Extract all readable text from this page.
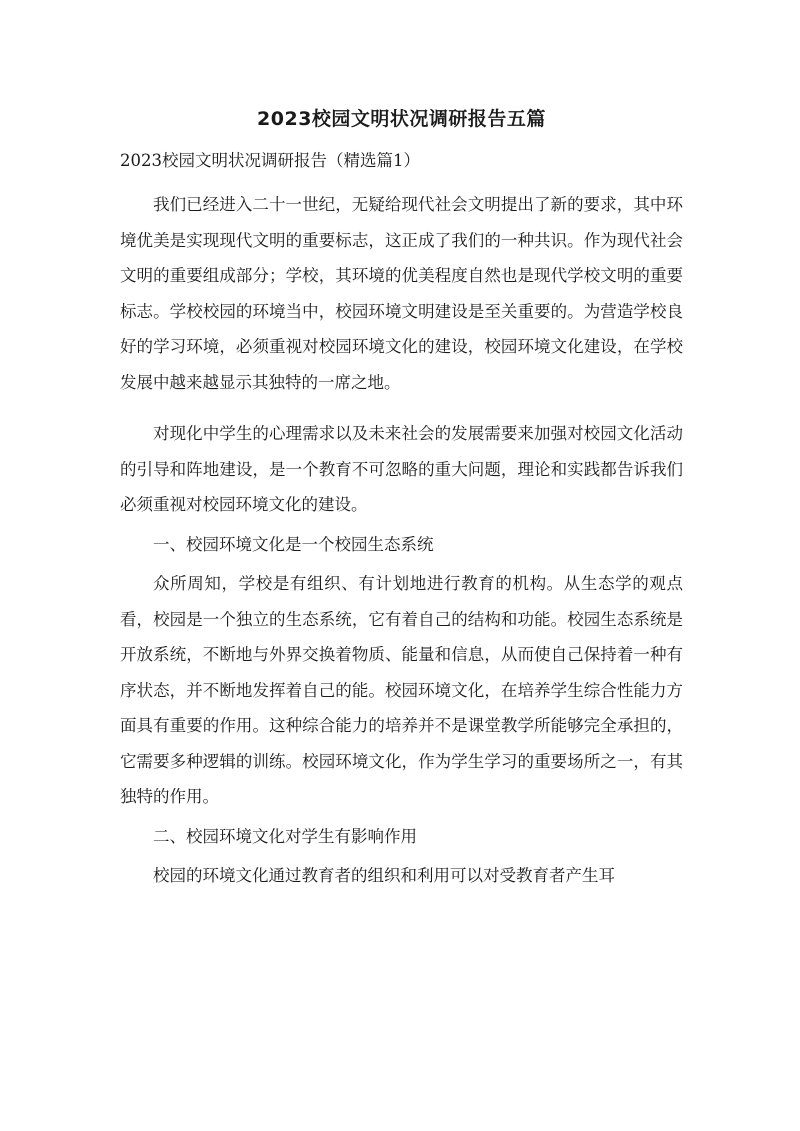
2023校园文明状况调研报告五篇

2023校园文明状况调研报告（精选篇1）

我们已经进入二十一世纪，无疑给现代社会文明提出了新的要求，其中环境优美是实现现代文明的重要标志，这正成了我们的一种共识。作为现代社会文明的重要组成部分；学校，其环境的优美程度自然也是现代学校文明的重要标志。学校校园的环境当中，校园环境文明建设是至关重要的。为营造学校良好的学习环境，必须重视对校园环境文化的建设，校园环境文化建设，在学校发展中越来越显示其独特的一席之地。

对现化中学生的心理需求以及未来社会的发展需要来加强对校园文化活动的引导和阵地建设，是一个教育不可忽略的重大问题，理论和实践都告诉我们必须重视对校园环境文化的建设。

一、校园环境文化是一个校园生态系统

众所周知，学校是有组织、有计划地进行教育的机构。从生态学的观点看，校园是一个独立的生态系统，它有着自己的结构和功能。校园生态系统是开放系统，不断地与外界交换着物质、能量和信息，从而使自己保持着一种有序状态，并不断地发挥着自己的能。校园环境文化，在培养学生综合性能力方面具有重要的作用。这种综合能力的培养并不是课堂教学所能够完全承担的，它需要多种逻辑的训练。校园环境文化，作为学生学习的重要场所之一，有其独特的作用。

二、校园环境文化对学生有影响作用

校园的环境文化通过教育者的组织和利用可以对受教育者产生耳
